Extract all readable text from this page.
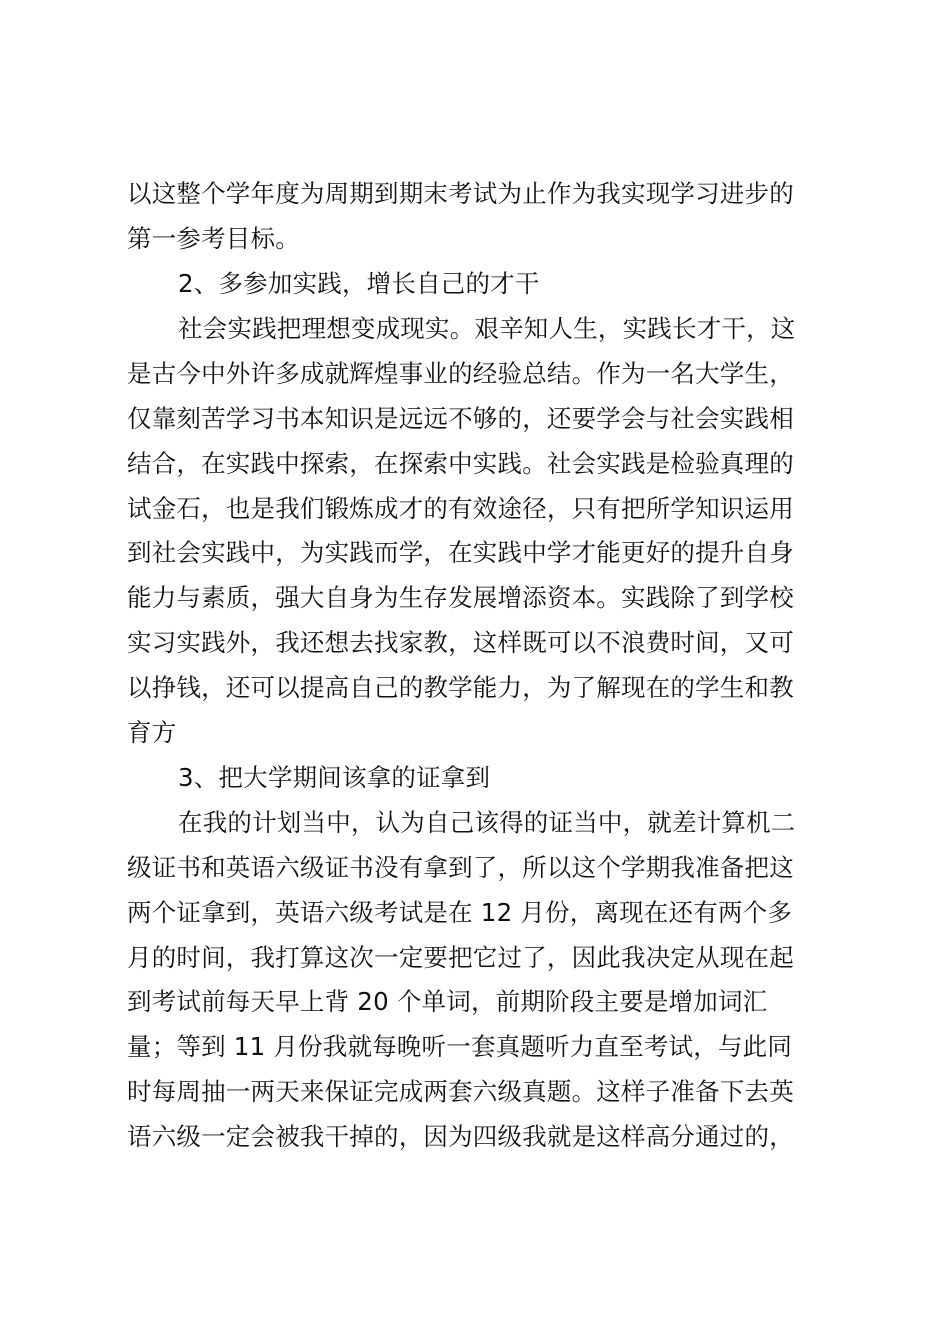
以这整个学年度为周期到期末考试为止作为我实现学习进步的
第一参考目标。
2、多参加实践，增长自己的才干
社会实践把理想变成现实。艰辛知人生，实践长才干，这
是古今中外许多成就辉煌事业的经验总结。作为一名大学生，
仅靠刻苦学习书本知识是远远不够的，还要学会与社会实践相
结合，在实践中探索，在探索中实践。社会实践是检验真理的
试金石，也是我们锻炼成才的有效途径，只有把所学知识运用
到社会实践中，为实践而学，在实践中学才能更好的提升自身
能力与素质，强大自身为生存发展增添资本。实践除了到学校
实习实践外，我还想去找家教，这样既可以不浪费时间，又可
以挣钱，还可以提高自己的教学能力，为了解现在的学生和教
育方
3、把大学期间该拿的证拿到
在我的计划当中，认为自己该得的证当中，就差计算机二
级证书和英语六级证书没有拿到了，所以这个学期我准备把这
两个证拿到，英语六级考试是在 12 月份，离现在还有两个多
月的时间，我打算这次一定要把它过了，因此我决定从现在起
到考试前每天早上背 20 个单词，前期阶段主要是增加词汇
量；等到 11 月份我就每晚听一套真题听力直至考试，与此同
时每周抽一两天来保证完成两套六级真题。这样子准备下去英
语六级一定会被我干掉的，因为四级我就是这样高分通过的，
